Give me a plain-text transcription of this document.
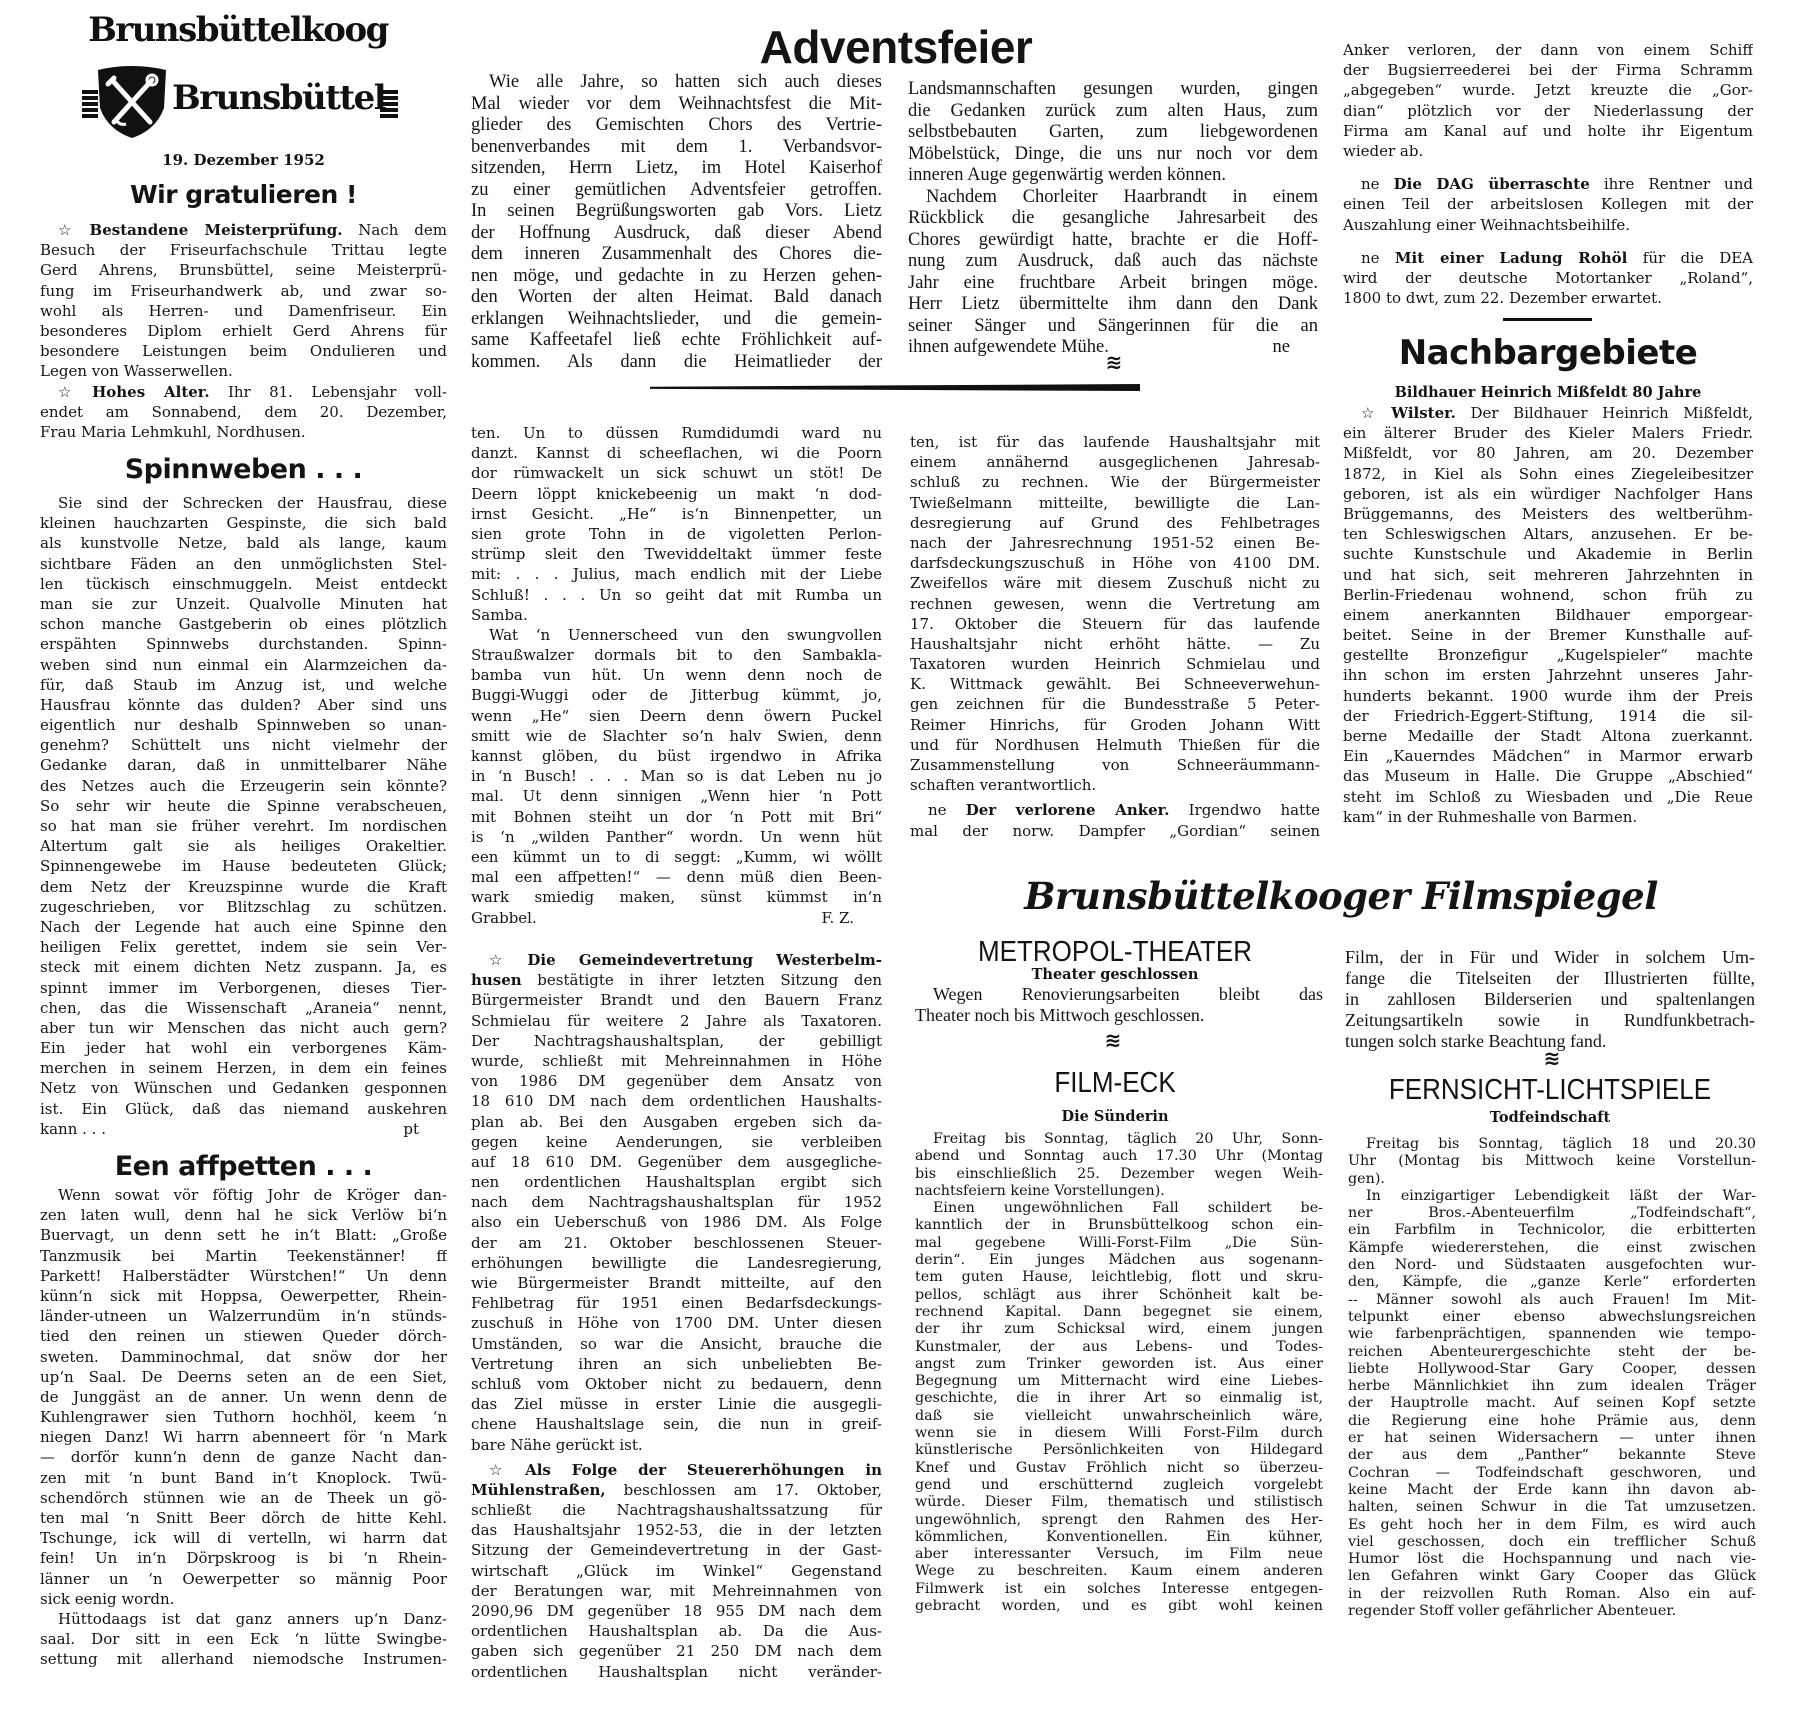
Brunsbüttelkoog
Brunsbüttel
19. Dezember 1952
Wir gratulieren !
☆ Bestandene Meisterprüfung. Nach dem
Besuch der Friseurfachschule Trittau legte
Gerd Ahrens, Brunsbüttel, seine Meisterprü-
fung im Friseurhandwerk ab, und zwar so-
wohl als Herren- und Damenfriseur. Ein
besonderes Diplom erhielt Gerd Ahrens für
besondere Leistungen beim Ondulieren und
Legen von Wasserwellen.
☆ Hohes Alter. Ihr 81. Lebensjahr voll-
endet am Sonnabend, dem 20. Dezember,
Frau Maria Lehmkuhl, Nordhusen.
Spinnweben . . .
Sie sind der Schrecken der Hausfrau, diese
kleinen hauchzarten Gespinste, die sich bald
als kunstvolle Netze, bald als lange, kaum
sichtbare Fäden an den unmöglichsten Stel-
len tückisch einschmuggeln. Meist entdeckt
man sie zur Unzeit. Qualvolle Minuten hat
schon manche Gastgeberin ob eines plötzlich
erspähten Spinnwebs durchstanden. Spinn-
weben sind nun einmal ein Alarmzeichen da-
für, daß Staub im Anzug ist, und welche
Hausfrau könnte das dulden? Aber sind uns
eigentlich nur deshalb Spinnweben so unan-
genehm? Schüttelt uns nicht vielmehr der
Gedanke daran, daß in unmittelbarer Nähe
des Netzes auch die Erzeugerin sein könnte?
So sehr wir heute die Spinne verabscheuen,
so hat man sie früher verehrt. Im nordischen
Altertum galt sie als heiliges Orakeltier.
Spinnengewebe im Hause bedeuteten Glück;
dem Netz der Kreuzspinne wurde die Kraft
zugeschrieben, vor Blitzschlag zu schützen.
Nach der Legende hat auch eine Spinne den
heiligen Felix gerettet, indem sie sein Ver-
steck mit einem dichten Netz zuspann. Ja, es
spinnt immer im Verborgenen, dieses Tier-
chen, das die Wissenschaft „Araneia“ nennt,
aber tun wir Menschen das nicht auch gern?
Ein jeder hat wohl ein verborgenes Käm-
merchen in seinem Herzen, in dem ein feines
Netz von Wünschen und Gedanken gesponnen
ist. Ein Glück, daß das niemand auskehren
kann . . .	pt
Een affpetten . . .
Wenn sowat vör föftig Johr de Kröger dan-
zen laten wull, denn hal he sick Verlöw bi‘n
Buervagt, un denn sett he in‘t Blatt: „Große
Tanzmusik bei Martin Teekenstänner! ff
Parkett! Halberstädter Würstchen!“ Un denn
künn‘n sick mit Hoppsa, Oewerpetter, Rhein-
länder-utneen un Walzerrundüm in‘n stünds-
tied den reinen un stiewen Queder dörch-
sweten. Damminochmal, dat snöw dor her
up‘n Saal. De Deerns seten an de een Siet,
de Junggäst an de anner. Un wenn denn de
Kuhlengrawer sien Tuthorn hochhöl, keem ‘n
niegen Danz! Wi harrn abenneert för ‘n Mark
— dorför kunn‘n denn de ganze Nacht dan-
zen mit ‘n bunt Band in‘t Knoplock. Twü-
schendörch stünnen wie an de Theek un gö-
ten mal ‘n Snitt Beer dörch de hitte Kehl.
Tschunge, ick will di vertelln, wi harrn dat
fein! Un in‘n Dörpskroog is bi ‘n Rhein-
länner un ‘n Oewerpetter so männig Poor
sick eenig wordn.
Hüttodaags ist dat ganz anners up‘n Danz-
saal. Dor sitt in een Eck ‘n lütte Swingbe-
settung mit allerhand niemodsche Instrumen-
Adventsfeier
Wie alle Jahre, so hatten sich auch dieses
Mal wieder vor dem Weihnachtsfest die Mit-
glieder des Gemischten Chors des Vertrie-
benenverbandes mit dem 1. Verbandsvor-
sitzenden, Herrn Lietz, im Hotel Kaiserhof
zu einer gemütlichen Adventsfeier getroffen.
In seinen Begrüßungsworten gab Vors. Lietz
der Hoffnung Ausdruck, daß dieser Abend
dem inneren Zusammenhalt des Chores die-
nen möge, und gedachte in zu Herzen gehen-
den Worten der alten Heimat. Bald danach
erklangen Weihnachtslieder, und die gemein-
same Kaffeetafel ließ echte Fröhlichkeit auf-
kommen. Als dann die Heimatlieder der
Landsmannschaften gesungen wurden, gingen
die Gedanken zurück zum alten Haus, zum
selbstbebauten Garten, zum liebgewordenen
Möbelstück, Dinge, die uns nur noch vor dem
inneren Auge gegenwärtig werden können.
Nachdem Chorleiter Haarbrandt in einem
Rückblick die gesangliche Jahresarbeit des
Chores gewürdigt hatte, brachte er die Hoff-
nung zum Ausdruck, daß auch das nächste
Jahr eine fruchtbare Arbeit bringen möge.
Herr Lietz übermittelte ihm dann den Dank
seiner Sänger und Sängerinnen für die an
ihnen aufgewendete Mühe.	ne
≋
ten. Un to düssen Rumdidumdi ward nu
danzt. Kannst di scheeflachen, wi die Poorn
dor rümwackelt un sick schuwt un stöt! De
Deern löppt knickebeenig un makt ‘n dod-
irnst Gesicht. „He“ is‘n Binnenpetter, un
sien grote Tohn in de vigoletten Perlon-
strümp sleit den Tweviddeltakt ümmer feste
mit: . . . Julius, mach endlich mit der Liebe
Schluß! . . . Un so geiht dat mit Rumba un
Samba.
Wat ‘n Uennerscheed vun den swungvollen
Straußwalzer dormals bit to den Sambakla-
bamba vun hüt. Un wenn denn noch de
Buggi-Wuggi oder de Jitterbug kümmt, jo,
wenn „He“ sien Deern denn öwern Puckel
smitt wie de Slachter so‘n halv Swien, denn
kannst glöben, du büst irgendwo in Afrika
in ‘n Busch! . . . Man so is dat Leben nu jo
mal. Ut denn sinnigen „Wenn hier ‘n Pott
mit Bohnen steiht un dor ‘n Pott mit Bri“
is ‘n „wilden Panther“ wordn. Un wenn hüt
een kümmt un to di seggt: „Kumm, wi wöllt
mal een affpetten!“ — denn müß dien Been-
wark smiedig maken, sünst kümmst in‘n
Grabbel.	F. Z.
☆ Die Gemeindevertretung Westerbelm-
husen bestätigte in ihrer letzten Sitzung den
Bürgermeister Brandt und den Bauern Franz
Schmielau für weitere 2 Jahre als Taxatoren.
Der Nachtragshaushaltsplan, der gebilligt
wurde, schließt mit Mehreinnahmen in Höhe
von 1986 DM gegenüber dem Ansatz von
18 610 DM nach dem ordentlichen Haushalts-
plan ab. Bei den Ausgaben ergeben sich da-
gegen keine Aenderungen, sie verbleiben
auf 18 610 DM. Gegenüber dem ausgegliche-
nen ordentlichen Haushaltsplan ergibt sich
nach dem Nachtragshaushaltsplan für 1952
also ein Ueberschuß von 1986 DM. Als Folge
der am 21. Oktober beschlossenen Steuer-
erhöhungen bewilligte die Landesregierung,
wie Bürgermeister Brandt mitteilte, auf den
Fehlbetrag für 1951 einen Bedarfsdeckungs-
zuschuß in Höhe von 1700 DM. Unter diesen
Umständen, so war die Ansicht, brauche die
Vertretung ihren an sich unbeliebten Be-
schluß vom Oktober nicht zu bedauern, denn
das Ziel müsse in erster Linie die ausgegli-
chene Haushaltslage sein, die nun in greif-
bare Nähe gerückt ist.
☆ Als Folge der Steuererhöhungen in
Mühlenstraßen, beschlossen am 17. Oktober,
schließt die Nachtragshaushaltssatzung für
das Haushaltsjahr 1952-53, die in der letzten
Sitzung der Gemeindevertretung in der Gast-
wirtschaft „Glück im Winkel“ Gegenstand
der Beratungen war, mit Mehreinnahmen von
2090,96 DM gegenüber 18 955 DM nach dem
ordentlichen Haushaltsplan ab. Da die Aus-
gaben sich gegenüber 21 250 DM nach dem
ordentlichen Haushaltsplan nicht veränder-
ten, ist für das laufende Haushaltsjahr mit
einem annähernd ausgeglichenen Jahresab-
schluß zu rechnen. Wie der Bürgermeister
Twießelmann mitteilte, bewilligte die Lan-
desregierung auf Grund des Fehlbetrages
nach der Jahresrechnung 1951-52 einen Be-
darfsdeckungszuschuß in Höhe von 4100 DM.
Zweifellos wäre mit diesem Zuschuß nicht zu
rechnen gewesen, wenn die Vertretung am
17. Oktober die Steuern für das laufende
Haushaltsjahr nicht erhöht hätte. — Zu
Taxatoren wurden Heinrich Schmielau und
K. Wittmack gewählt. Bei Schneeverwehun-
gen zeichnen für die Bundesstraße 5 Peter-
Reimer Hinrichs, für Groden Johann Witt
und für Nordhusen Helmuth Thießen für die
Zusammenstellung von Schneeräummann-
schaften verantwortlich.
ne Der verlorene Anker. Irgendwo hatte
mal der norw. Dampfer „Gordian“ seinen
Anker verloren, der dann von einem Schiff
der Bugsierreederei bei der Firma Schramm
„abgegeben“ wurde. Jetzt kreuzte die „Gor-
dian“ plötzlich vor der Niederlassung der
Firma am Kanal auf und holte ihr Eigentum
wieder ab.
ne Die DAG überraschte ihre Rentner und
einen Teil der arbeitslosen Kollegen mit der
Auszahlung einer Weihnachtsbeihilfe.
ne Mit einer Ladung Rohöl für die DEA
wird der deutsche Motortanker „Roland“,
1800 to dwt, zum 22. Dezember erwartet.
Nachbargebiete
Bildhauer Heinrich Mißfeldt 80 Jahre
☆ Wilster. Der Bildhauer Heinrich Mißfeldt,
ein älterer Bruder des Kieler Malers Friedr.
Mißfeldt, vor 80 Jahren, am 20. Dezember
1872, in Kiel als Sohn eines Ziegeleibesitzer
geboren, ist als ein würdiger Nachfolger Hans
Brüggemanns, des Meisters des weltberühm-
ten Schleswigschen Altars, anzusehen. Er be-
suchte Kunstschule und Akademie in Berlin
und hat sich, seit mehreren Jahrzehnten in
Berlin-Friedenau wohnend, schon früh zu
einem anerkannten Bildhauer emporgear-
beitet. Seine in der Bremer Kunsthalle auf-
gestellte Bronzefigur „Kugelspieler“ machte
ihn schon im ersten Jahrzehnt unseres Jahr-
hunderts bekannt. 1900 wurde ihm der Preis
der Friedrich-Eggert-Stiftung, 1914 die sil-
berne Medaille der Stadt Altona zuerkannt.
Ein „Kauerndes Mädchen“ in Marmor erwarb
das Museum in Halle. Die Gruppe „Abschied“
steht im Schloß zu Wiesbaden und „Die Reue
kam“ in der Ruhmeshalle von Barmen.
Brunsbüttelkooger Filmspiegel
METROPOL-THEATER
Theater geschlossen
Wegen Renovierungsarbeiten bleibt das
Theater noch bis Mittwoch geschlossen.
≋
FILM-ECK
Die Sünderin
Freitag bis Sonntag, täglich 20 Uhr, Sonn-
abend und Sonntag auch 17.30 Uhr (Montag
bis einschließlich 25. Dezember wegen Weih-
nachtsfeiern keine Vorstellungen).
Einen ungewöhnlichen Fall schildert be-
kanntlich der in Brunsbüttelkoog schon ein-
mal gegebene Willi-Forst-Film „Die Sün-
derin“. Ein junges Mädchen aus sogenann-
tem guten Hause, leichtlebig, flott und skru-
pellos, schlägt aus ihrer Schönheit kalt be-
rechnend Kapital. Dann begegnet sie einem,
der ihr zum Schicksal wird, einem jungen
Kunstmaler, der aus Lebens- und Todes-
angst zum Trinker geworden ist. Aus einer
Begegnung um Mitternacht wird eine Liebes-
geschichte, die in ihrer Art so einmalig ist,
daß sie vielleicht unwahrscheinlich wäre,
wenn sie in diesem Willi Forst-Film durch
künstlerische Persönlichkeiten von Hildegard
Knef und Gustav Fröhlich nicht so überzeu-
gend und erschütternd zugleich vorgelebt
würde. Dieser Film, thematisch und stilistisch
ungewöhnlich, sprengt den Rahmen des Her-
kömmlichen, Konventionellen. Ein kühner,
aber interessanter Versuch, im Film neue
Wege zu beschreiten. Kaum einem anderen
Filmwerk ist ein solches Interesse entgegen-
gebracht worden, und es gibt wohl keinen
Film, der in Für und Wider in solchem Um-
fange die Titelseiten der Illustrierten füllte,
in zahllosen Bilderserien und spaltenlangen
Zeitungsartikeln sowie in Rundfunkbetrach-
tungen solch starke Beachtung fand.
≋
FERNSICHT-LICHTSPIELE
Todfeindschaft
Freitag bis Sonntag, täglich 18 und 20.30
Uhr (Montag bis Mittwoch keine Vorstellun-
gen).
In einzigartiger Lebendigkeit läßt der War-
ner Bros.-Abenteuerfilm „Todfeindschaft“,
ein Farbfilm in Technicolor, die erbitterten
Kämpfe wiedererstehen, die einst zwischen
den Nord- und Südstaaten ausgefochten wur-
den, Kämpfe, die „ganze Kerle“ erforderten
-- Männer sowohl als auch Frauen! Im Mit-
telpunkt einer ebenso abwechslungsreichen
wie farbenprächtigen, spannenden wie tempo-
reichen Abenteurergeschichte steht der be-
liebte Hollywood-Star Gary Cooper, dessen
herbe Männlichkiet ihn zum idealen Träger
der Hauptrolle macht. Auf seinen Kopf setzte
die Regierung eine hohe Prämie aus, denn
er hat seinen Widersachern — unter ihnen
der aus dem „Panther“ bekannte Steve
Cochran — Todfeindschaft geschworen, und
keine Macht der Erde kann ihn davon ab-
halten, seinen Schwur in die Tat umzusetzen.
Es geht hoch her in dem Film, es wird auch
viel geschossen, doch ein trefflicher Schuß
Humor löst die Hochspannung und nach vie-
len Gefahren winkt Gary Cooper das Glück
in der reizvollen Ruth Roman. Also ein auf-
regender Stoff voller gefährlicher Abenteuer.
